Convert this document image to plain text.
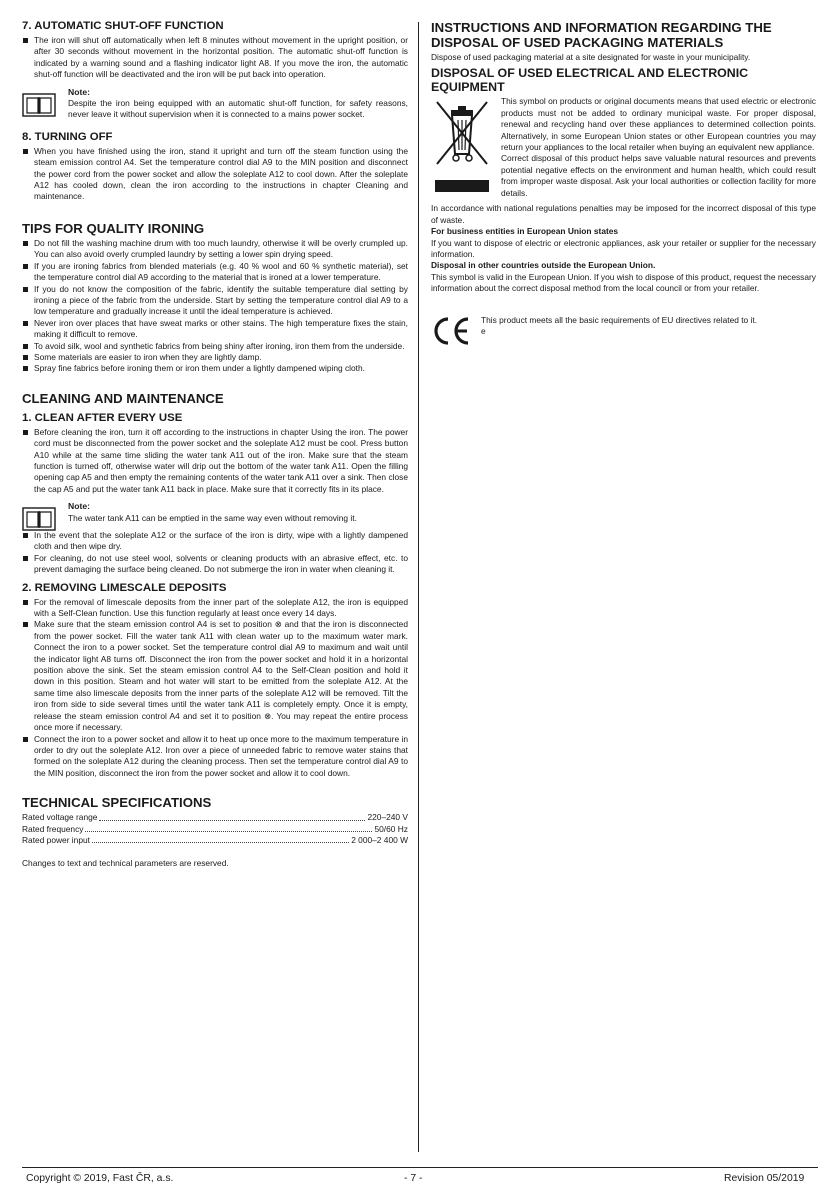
7. AUTOMATIC SHUT-OFF FUNCTION
The iron will shut off automatically when left 8 minutes without movement in the upright position, or after 30 seconds without movement in the horizontal position. The automatic shut-off function is indicated by a warning sound and a flashing indicator light A8. If you move the iron, the automatic shut-off function will be deactivated and the iron will be put back into operation.
Note:
Despite the iron being equipped with an automatic shut-off function, for safety reasons, never leave it without supervision when it is connected to a mains power socket.
8. TURNING OFF
When you have finished using the iron, stand it upright and turn off the steam function using the steam emission control A4. Set the temperature control dial A9 to the MIN position and disconnect the power cord from the power socket and allow the soleplate A12 to cool down. After the soleplate A12 has cooled down, clean the iron according to the instructions in chapter Cleaning and maintenance.
TIPS FOR QUALITY IRONING
Do not fill the washing machine drum with too much laundry, otherwise it will be overly crumpled up. You can also avoid overly crumpled laundry by setting a lower spin drying speed.
If you are ironing fabrics from blended materials (e.g. 40 % wool and 60 % synthetic material), set the temperature control dial A9 according to the material that is ironed at a lower temperature.
If you do not know the composition of the fabric, identify the suitable temperature dial setting by ironing a piece of the fabric from the underside. Start by setting the temperature control dial A9 to a low temperature and gradually increase it until the ideal temperature is achieved.
Never iron over places that have sweat marks or other stains. The high temperature fixes the stain, making it difficult to remove.
To avoid silk, wool and synthetic fabrics from being shiny after ironing, iron them from the underside.
Some materials are easier to iron when they are lightly damp.
Spray fine fabrics before ironing them or iron them under a lightly dampened wiping cloth.
CLEANING AND MAINTENANCE
1. CLEAN AFTER EVERY USE
Before cleaning the iron, turn it off according to the instructions in chapter Using the iron. The power cord must be disconnected from the power socket and the soleplate A12 must be cool. Press button A10 while at the same time sliding the water tank A11 out of the iron. Make sure that the steam function is turned off, otherwise water will drip out the bottom of the water tank A11. Open the filling opening cap A5 and then empty the remaining contents of the water tank A11 over a sink. Then close the cap A5 and put the water tank A11 back in place. Make sure that it correctly fits in its place.
Note:
The water tank A11 can be emptied in the same way even without removing it.
In the event that the soleplate A12 or the surface of the iron is dirty, wipe with a lightly dampened cloth and then wipe dry.
For cleaning, do not use steel wool, solvents or cleaning products with an abrasive effect, etc. to prevent damaging the surface being cleaned. Do not submerge the iron in water when cleaning it.
2. REMOVING LIMESCALE DEPOSITS
For the removal of limescale deposits from the inner part of the soleplate A12, the iron is equipped with a Self-Clean function. Use this function regularly at least once every 14 days.
Make sure that the steam emission control A4 is set to position ⊗ and that the iron is disconnected from the power socket. Fill the water tank A11 with clean water up to the maximum water mark. Connect the iron to a power socket. Set the temperature control dial A9 to maximum and wait until the indicator light A8 turns off. Disconnect the iron from the power socket and hold it in a horizontal position above the sink. Set the steam emission control A4 to the Self-Clean position and hold it down in this position. Steam and hot water will start to be emitted from the soleplate A12. At the same time also limescale deposits from the inner parts of the soleplate A12 will be removed. Tilt the iron from side to side several times until the water tank A11 is completely empty. Once it is empty, release the steam emission control A4 and set it to position ⊗. You may repeat the entire process once more if necessary.
Connect the iron to a power socket and allow it to heat up once more to the maximum temperature in order to dry out the soleplate A12. Iron over a piece of unneeded fabric to remove water stains that formed on the soleplate A12 during the cleaning process. Then set the temperature control dial A9 to the MIN position, disconnect the iron from the power socket and allow it to cool down.
TECHNICAL SPECIFICATIONS
Rated voltage range	220–240 V
Rated frequency	50/60 Hz
Rated power input	2 000–2 400 W

Changes to text and technical parameters are reserved.

INSTRUCTIONS AND INFORMATION REGARDING THE DISPOSAL OF USED PACKAGING MATERIALS

Dispose of used packaging material at a site designated for waste in your municipality.

DISPOSAL OF USED ELECTRICAL AND ELECTRONIC EQUIPMENT

This symbol on products or original documents means that used electric or electronic products must not be added to ordinary municipal waste. For proper disposal, renewal and recycling hand over these appliances to determined collection points. Alternatively, in some European Union states or other European countries you may return your appliances to the local retailer when buying an equivalent new appliance.

Correct disposal of this product helps save valuable natural resources and prevents potential negative effects on the environment and human health, which could result from improper waste disposal. Ask your local authorities or collection facility for more details.

In accordance with national regulations penalties may be imposed for the incorrect disposal of this type of waste.

For business entities in European Union states

If you want to dispose of electric or electronic appliances, ask your retailer or supplier for the necessary information.

Disposal in other countries outside the European Union.

This symbol is valid in the European Union. If you wish to dispose of this product, request the necessary information about the correct disposal method from the local council or from your retailer.

This product meets all the basic requirements of EU directives related to it.

e
Copyright © 2019, Fast ČR, a.s.	- 7 -	Revision 05/2019
